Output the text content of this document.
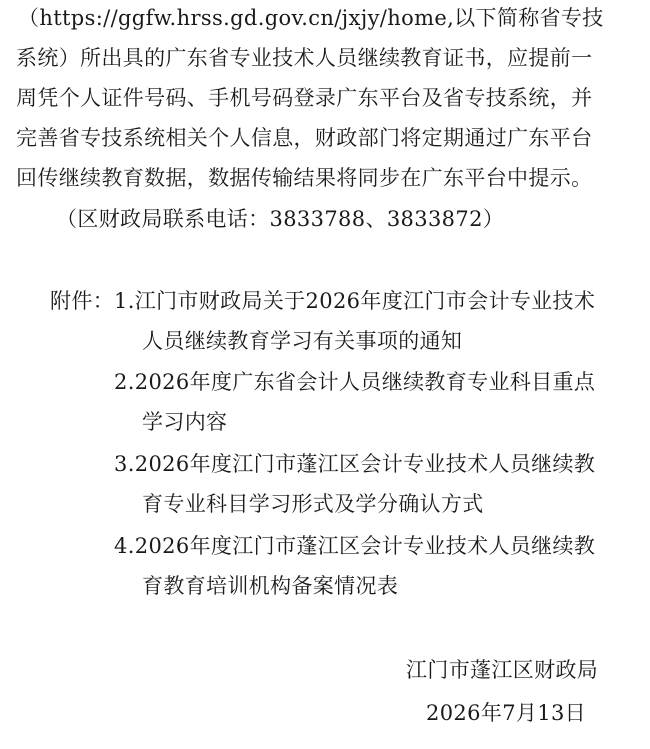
（https://ggfw.hrss.gd.gov.cn/jxjy/home,以下简称省专技
系统）所出具的广东省专业技术人员继续教育证书，应提前一
周凭个人证件号码、手机号码登录广东平台及省专技系统，并
完善省专技系统相关个人信息，财政部门将定期通过广东平台
回传继续教育数据，数据传输结果将同步在广东平台中提示。
（区财政局联系电话：3833788、3833872）
附件： 1.江门市财政局关于2026年度江门市会计专业技术
人员继续教育学习有关事项的通知
2.2026年度广东省会计人员继续教育专业科目重点
学习内容
3.2026年度江门市蓬江区会计专业技术人员继续教
育专业科目学习形式及学分确认方式
4.2026年度江门市蓬江区会计专业技术人员继续教
育教育培训机构备案情况表
江门市蓬江区财政局
2026年7月13日
